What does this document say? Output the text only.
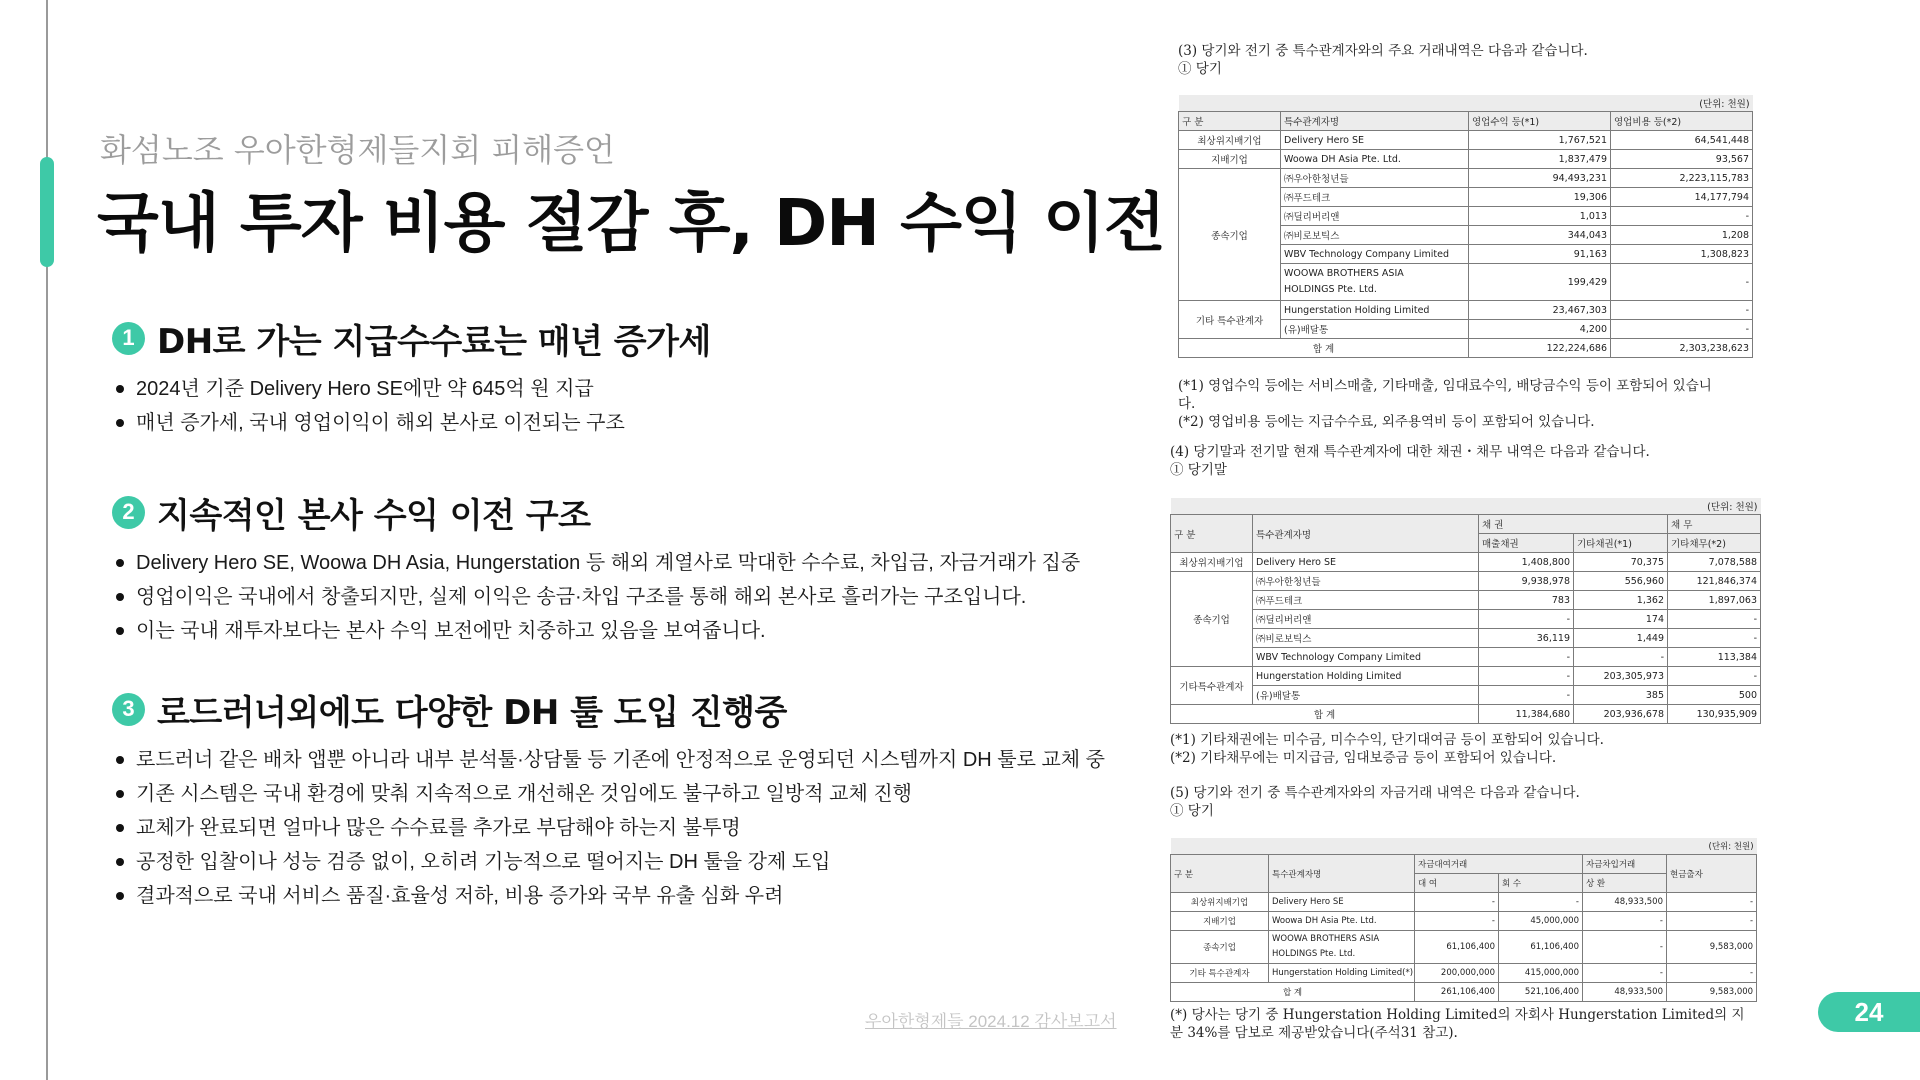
화섬노조 우아한형제들지회 피해증언
국내 투자 비용 절감 후, DH 수익 이전
1 DH로 가는 지급수수료는 매년 증가세
2024년 기준 Delivery Hero SE에만 약 645억 원 지급
매년 증가세, 국내 영업이익이 해외 본사로 이전되는 구조
2 지속적인 본사 수익 이전 구조
Delivery Hero SE, Woowa DH Asia, Hungerstation 등 해외 계열사로 막대한 수수료, 차입금, 자금거래가 집중
영업이익은 국내에서 창출되지만, 실제 이익은 송금·차입 구조를 통해 해외 본사로 흘러가는 구조입니다.
이는 국내 재투자보다는 본사 수익 보전에만 치중하고 있음을 보여줍니다.
3 로드러너외에도 다양한 DH 툴 도입 진행중
로드러너 같은 배차 앱뿐 아니라 내부 분석툴·상담툴 등 기존에 안정적으로 운영되던 시스템까지 DH 툴로 교체 중
기존 시스템은 국내 환경에 맞춰 지속적으로 개선해온 것임에도 불구하고 일방적 교체 진행
교체가 완료되면 얼마나 많은 수수료를 추가로 부담해야 하는지 불투명
공정한 입찰이나 성능 검증 없이, 오히려 기능적으로 떨어지는 DH 툴을 강제 도입
결과적으로 국내 서비스 품질·효율성 저하, 비용 증가와 국부 유출 심화 우려
(3) 당기와 전기 중 특수관계자와의 주요 거래내역은 다음과 같습니다.
① 당기
(단위: 천원)			
구 분	특수관계자명	영업수익 등(*1)	영업비용 등(*2)
최상위지배기업	Delivery Hero SE	1,767,521	64,541,448
지배기업	Woowa DH Asia Pte. Ltd.	1,837,479	93,567
종속기업	㈜우아한청년들	94,493,231	2,223,115,783
	㈜푸드테크	19,306	14,177,794
	㈜딜리버리앤	1,013	-
	㈜비로보틱스	344,043	1,208
	WBV Technology Company Limited	91,163	1,308,823

	WOOWA BROTHERS ASIA
HOLDINGS Pte. Ltd.	199,429	-
기타 특수관계자	Hungerstation Holding Limited	23,467,303	-
	(유)배달통	4,200	-
합 계		122,224,686	2,303,238,623
(*1) 영업수익 등에는 서비스매출, 기타매출, 임대료수익, 배당금수익 등이 포함되어 있습니
다.
(*2) 영업비용 등에는 지급수수료, 외주용역비 등이 포함되어 있습니다.
(4) 당기말과 전기말 현재 특수관계자에 대한 채권・채무 내역은 다음과 같습니다.
① 당기말
(단위: 천원)				
구 분	특수관계자명	채 권		채 무
		매출채권	기타채권(*1)	기타채무(*2)
최상위지배기업	Delivery Hero SE	1,408,800	70,375	7,078,588
종속기업	㈜우아한청년들	9,938,978	556,960	121,846,374
	㈜푸드테크	783	1,362	1,897,063
	㈜딜리버리앤	-	174	-
	㈜비로보틱스	36,119	1,449	-
	WBV Technology Company Limited	-	-	113,384
기타특수관계자	Hungerstation Holding Limited	-	203,305,973	-
	(유)배달통	-	385	500
합 계		11,384,680	203,936,678	130,935,909
(*1) 기타채권에는 미수금, 미수수익, 단기대여금 등이 포함되어 있습니다.
(*2) 기타채무에는 미지급금, 임대보증금 등이 포함되어 있습니다.
(5) 당기와 전기 중 특수관계자와의 자금거래 내역은 다음과 같습니다.
① 당기
(단위: 천원)					
구 분	특수관계자명	자금대여거래		자금차입거래	현금출자
		대 여	회 수	상 환	
최상위지배기업	Delivery Hero SE	-	-	48,933,500	-
지배기업	Woowa DH Asia Pte. Ltd.	-	45,000,000	-	-
종속기업	WOOWA BROTHERS ASIA
HOLDINGS Pte. Ltd.	61,106,400	61,106,400	-	9,583,000
기타 특수관계자	Hungerstation Holding Limited(*)	200,000,000	415,000,000	-	-
합 계		261,106,400	521,106,400	48,933,500	9,583,000
(*) 당사는 당기 중 Hungerstation Holding Limited의 자회사 Hungerstation Limited의 지
분 34%를 담보로 제공받았습니다(주석31 참고).
우아한형제들 2024.12 감사보고서	24
